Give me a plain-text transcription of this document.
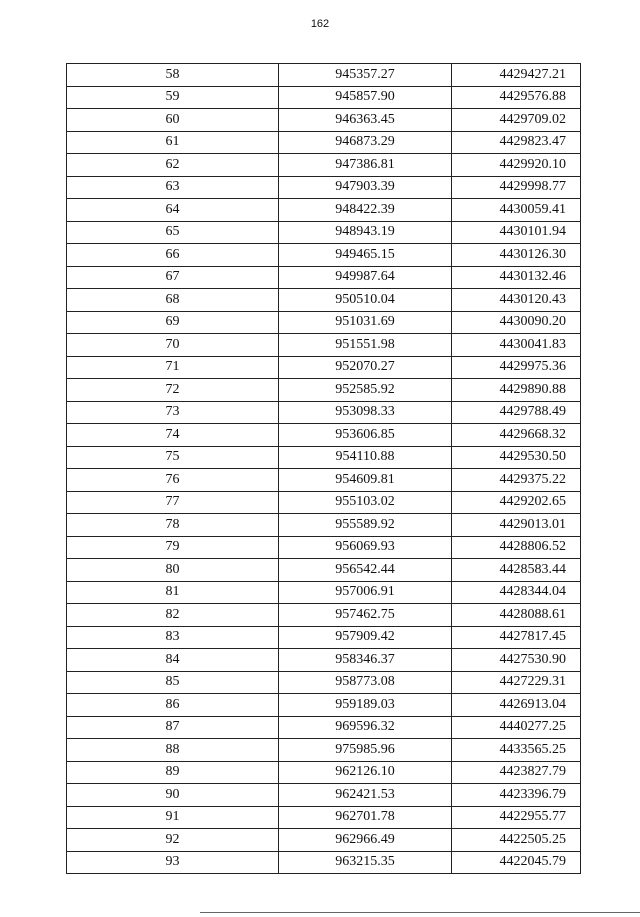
162
58	945357.27	4429427.21
59	945857.90	4429576.88
60	946363.45	4429709.02
61	946873.29	4429823.47
62	947386.81	4429920.10
63	947903.39	4429998.77
64	948422.39	4430059.41
65	948943.19	4430101.94
66	949465.15	4430126.30
67	949987.64	4430132.46
68	950510.04	4430120.43
69	951031.69	4430090.20
70	951551.98	4430041.83
71	952070.27	4429975.36
72	952585.92	4429890.88
73	953098.33	4429788.49
74	953606.85	4429668.32
75	954110.88	4429530.50
76	954609.81	4429375.22
77	955103.02	4429202.65
78	955589.92	4429013.01
79	956069.93	4428806.52
80	956542.44	4428583.44
81	957006.91	4428344.04
82	957462.75	4428088.61
83	957909.42	4427817.45
84	958346.37	4427530.90
85	958773.08	4427229.31
86	959189.03	4426913.04
87	969596.32	4440277.25
88	975985.96	4433565.25
89	962126.10	4423827.79
90	962421.53	4423396.79
91	962701.78	4422955.77
92	962966.49	4422505.25
93	963215.35	4422045.79
